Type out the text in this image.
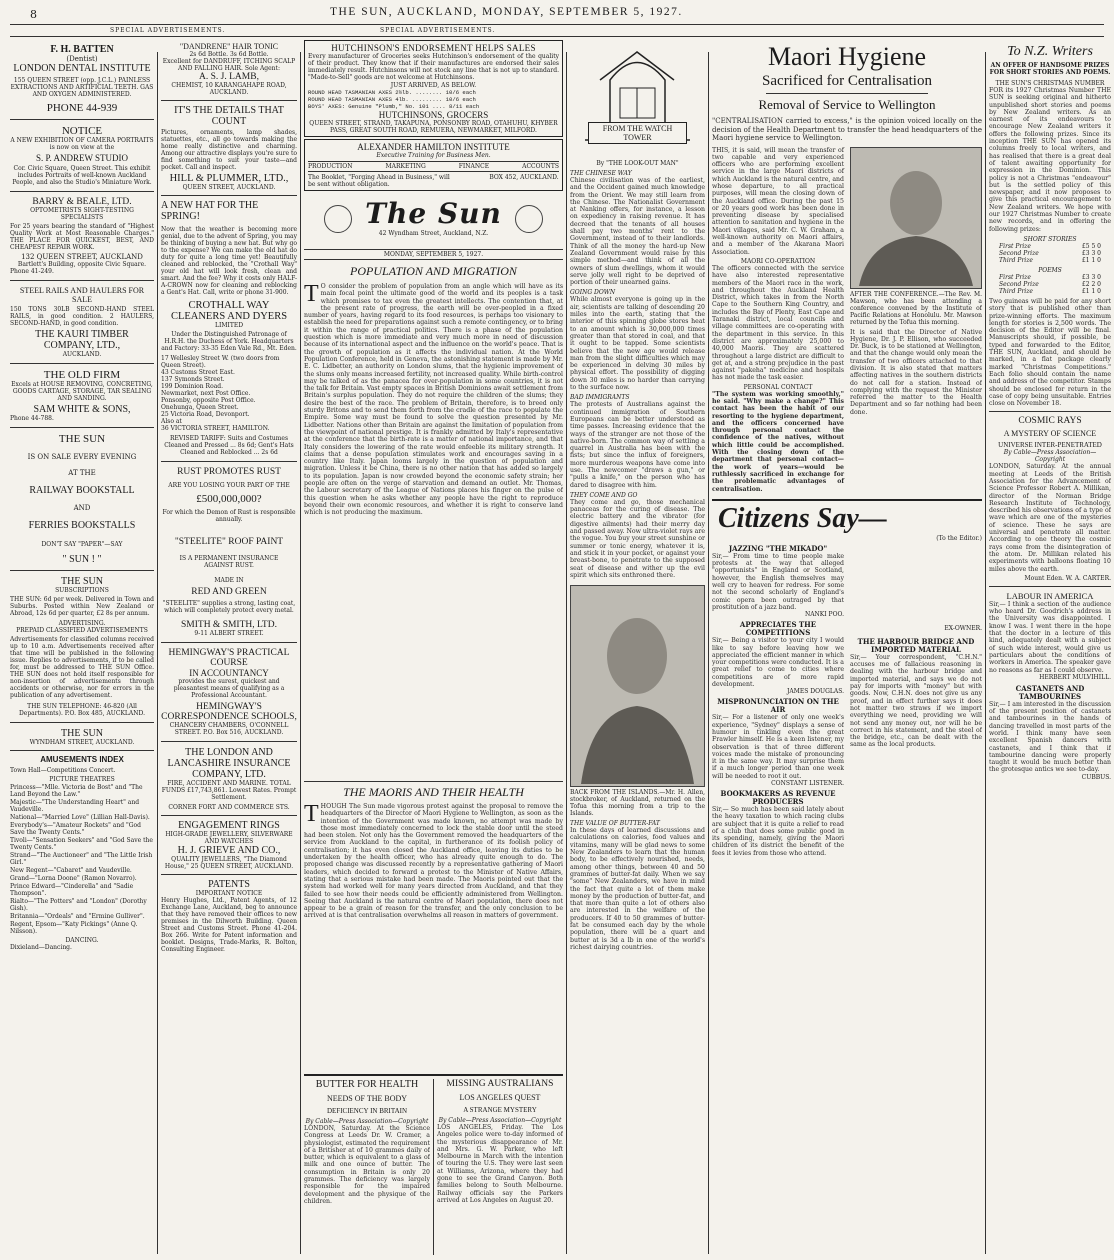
8	THE SUN, AUCKLAND, MONDAY, SEPTEMBER 5, 1927.
SPECIAL ADVERTISEMENTS.	SPECIAL ADVERTISEMENTS.
F. H. BATTEN
(Dentist)
LONDON DENTAL INSTITUTE
155 QUEEN STREET (opp. J.C.L.) PAINLESS EXTRACTIONS AND ARTIFICIAL TEETH. GAS AND OXYGEN ADMINISTERED.
PHONE 44-939
NOTICE
A NEW EXHIBITION OF CAMERA PORTRAITS is now on view at the
S. P. ANDREW STUDIO
Cor. Civic Square, Queen Street. This exhibit includes Portraits of well-known Auckland People, and also the Studio's Miniature Work.
BARRY & BEALE, LTD.
OPTOMETRISTS SIGHT-TESTING SPECIALISTS
For 25 years bearing the standard of "Highest Quality Work at Most Reasonable Charges." THE PLACE FOR QUICKEST, BEST, AND CHEAPEST REPAIR WORK.
132 QUEEN STREET, AUCKLAND
Bartlett's Building, opposite Civic Square.
Phone 41-249.
STEEL RAILS AND HAULERS FOR SALE
150 TONS 30LB SECOND-HAND STEEL RAILS, in good condition. 2 HAULERS, SECOND-HAND, in good condition.
THE KAURI TIMBER COMPANY, LTD.,
AUCKLAND.
THE OLD FIRM
Excels at HOUSE REMOVING, CONCRETING, GOODS CARTAGE, STORAGE, TAR SEALING AND SANDING.
SAM WHITE & SONS,
Phone 44-788.
THE SUN
IS ON SALE EVERY EVENING
AT THE
RAILWAY BOOKSTALL
AND
FERRIES BOOKSTALLS
DON'T SAY "PAPER"—SAY
" SUN ! "
THE SUN
SUBSCRIPTIONS
THE SUN: 6d per week. Delivered in Town and Suburbs. Posted within New Zealand or Abroad, 12s 6d per quarter, £2 8s per annum.
ADVERTISING.
PREPAID CLASSIFIED ADVERTISEMENTS
Advertisements for classified columns received up to 10 a.m. Advertisements received after that time will be published in the following issue. Replies to advertisements, if to be called for, must be addressed to THE SUN Office. THE SUN does not hold itself responsible for non-insertion of advertisements through accidents or otherwise, nor for errors in the publication of any advertisement.
THE SUN TELEPHONE: 46-820 (All Departments). P.O. Box 485, AUCKLAND.
THE SUN
WYNDHAM STREET, AUCKLAND.
AMUSEMENTS INDEX
Town Hall—Competitions Concert.
PICTURE THEATRES
Princess—"Mlle. Victoria de Bost" and "The Land Beyond the Law."
Majestic—"The Understanding Heart" and Vaudeville.
National—"Married Love" (Lillian Hall-Davis).
Everybody's—"Amateur Rockets" and "God Save the Twenty Cents."
Tivoli—"Sensation Seekers" and "God Save the Twenty Cents."
Strand—"The Auctioneer" and "The Little Irish Girl."
New Regent—"Cabaret" and Vaudeville.
Grand—"Lorna Doone" (Ramon Novarro).
Prince Edward—"Cinderella" and "Sadie Thompson".
Rialto—"The Potters" and "London" (Dorothy Gish).
Britannia—"Ordeals" and "Ermine Gulliver".
Regent, Epsom—"Katy Pickings" (Anne Q. Nilsson).
DANCING.
Dixieland—Dancing.
"DANDRENE" HAIR TONIC
2s 6d Bottle. 3s 6d Bottle.
Excellent for DANDRUFF, ITCHING SCALP AND FALLING HAIR. Sole Agent:
A. S. J. LAMB,
CHEMIST, 10 KARANGAHAPE ROAD, AUCKLAND.
IT'S THE DETAILS THAT COUNT
Pictures, ornaments, lamp shades, statuettes, etc., all go towards making the home really distinctive and charming. Among our attractive displays you're sure to find something to suit your taste—and pocket. Call and inspect.
HILL & PLUMMER, LTD.,
QUEEN STREET, AUCKLAND.
A NEW HAT FOR THE SPRING!
Now that the weather is becoming more genial, due to the advent of Spring, you may be thinking of buying a new hat. But why go to the expense? We can make the old hat do duty for quite a long time yet! Beautifully cleaned and reblocked, the "Crothall Way" your old hat will look fresh, clean and smart. And the fee? Why it costs only HALF-A-CROWN now for cleaning and reblocking a Gent's Hat. Call, write or phone 31-900.
CROTHALL WAY CLEANERS AND DYERS
LIMITED
Under the Distinguished Patronage of H.R.H. the Duchess of York. Headquarters and Factory: 33-35 Eden Vale Rd., Mt. Eden.
17 Wellesley Street W. (two doors from Queen Street).
43 Customs Street East.
137 Symonds Street.
199 Dominion Road.
Newmarket, next Post Office.
Ponsonby, opposite Post Office.
Onehunga, Queen Street.
25 Victoria Road, Devonport.
Also at
36 VICTORIA STREET, HAMILTON.
REVISED TARIFF: Suits and Costumes Cleaned and Pressed ... 8s 6d; Gent's Hats Cleaned and Reblocked ... 2s 6d
RUST PROMOTES RUST
ARE YOU LOSING YOUR PART OF THE
£500,000,000?
For which the Demon of Rust is responsible annually.
"STEELITE" ROOF PAINT
IS A PERMANENT INSURANCE
AGAINST RUST.
MADE IN
RED AND GREEN
"STEELITE" supplies a strong, lasting coat, which will completely protect every metal.
SMITH & SMITH, LTD.
9-11 ALBERT STREET.
HEMINGWAY'S PRACTICAL COURSE
IN ACCOUNTANCY
provides the surest, quickest and pleasantest means of qualifying as a Professional Accountant.
HEMINGWAY'S CORRESPONDENCE SCHOOLS,
CHANCERY CHAMBERS, O'CONNELL STREET. P.O. Box 516, AUCKLAND.
THE LONDON AND LANCASHIRE INSURANCE COMPANY, LTD.
FIRE, ACCIDENT AND MARINE. TOTAL FUNDS £17,743,861. Lowest Rates. Prompt Settlement.
CORNER FORT AND COMMERCE STS.
ENGAGEMENT RINGS
HIGH-GRADE JEWELLERY, SILVERWARE AND WATCHES
H. J. GRIEVE AND CO.,
QUALITY JEWELLERS, "The Diamond House," 25 QUEEN STREET, AUCKLAND.
PATENTS
IMPORTANT NOTICE
Henry Hughes, Ltd., Patent Agents, of 12 Exchange Lane, Auckland, beg to announce that they have removed their offices to new premises in the Dilworth Building. Queen Street and Customs Street. Phone 41-204. Box 266. Write for Patent information and booklet. Designs, Trade-Marks, R. Bolton, Consulting Engineer.
HUTCHINSON'S ENDORSEMENT HELPS SALES
Every manufacturer of Groceries seeks Hutchinson's endorsement of the quality of their product. They know that if their manufactures are endorsed their sales immediately result. Hutchinsons will not stock any line that is not up to standard. "Made-to-Sell" goods are not welcome at Hutchinsons.
JUST ARRIVED, AS BELOW.
ROUND HEAD TASMANIAN AXES 2½lb. ........ 10/6 each
ROUND HEAD TASMANIAN AXES 4lb. ......... 10/6 each
BOYS' AXES: Genuine "Plumb," No. 101 .... 8/11 each
HUTCHINSONS, GROCERS
QUEEN STREET, STRAND, TAKAPUNA, PONSONBY ROAD, OTAHUHU, KHYBER PASS, GREAT SOUTH ROAD, REMUERA, NEWMARKET, MILFORD.
ALEXANDER HAMILTON INSTITUTE
Executive Training for Business Men.
PRODUCTION	MARKETING	FINANCE	ACCOUNTS
The Booklet, "Forging Ahead in Business," will be sent without obligation.
BOX 452, AUCKLAND.
The Sun
42 Wyndham Street, Auckland, N.Z.
MONDAY, SEPTEMBER 5, 1927.
POPULATION AND MIGRATION
T O consider the problem of population from an angle which will have as its main focal point the ultimate good of the world and its peoples is a task which promises to tax even the greatest intellects. The contention that, at the present rate of progress, the earth will be over-peopled in a fixed number of years, having regard to its food resources, is perhaps too visionary to establish the need for preparations against such a remote contingency, or to bring it within the range of practical politics. There is a phase of the population question which is more immediate and very much more in need of discussion because of its international aspect and the influence on the world's peace. That is the growth of population as it affects the individual nation. At the World Population Conference, held in Geneva, the astonishing statement is made by Mr. E. C. Lidbetter, an authority on London slums, that the hygienic improvement of the slums only means increased fertility, not increased quality. While birth-control may be talked of as the panacea for over-population in some countries, it is not the talk for Britain. Vast empty spaces in British Dominions await settlement from Britain's surplus population. They do not require the children of the slums; they desire the best of the race. The problem of Britain, therefore, is to breed only sturdy Britons and to send them forth from the cradle of the race to populate the Empire. Some way must be found to solve the question presented by Mr. Lidbetter. Nations other than Britain are against the limitation of population from the viewpoint of national prestige. It is frankly admitted by Italy's representative at the conference that the birth-rate is a matter of national importance, and that Italy considers the lowering of the rate would enfeeble its military strength. It claims that a dense population stimulates work and encourages saving in a country like Italy. Japan looms largely in the question of population and migration. Unless it be China, there is no other nation that has added so largely to its population. Japan is now crowded beyond the economic safety strain; her people are often on the verge of starvation and demand an outlet. Mr. Thomas, the Labour secretary of the League of Nations places his finger on the pulse of this question when he asks whether any people have the right to reproduce beyond their own economic resources, and whether it is right to conserve land which is not producing the maximum.
THE MAORIS AND THEIR HEALTH
T HOUGH The Sun made vigorous protest against the proposal to remove the headquarters of the Director of Maori Hygiene to Wellington, as soon as the intention of the Government was made known, no attempt was made by those most immediately concerned to lock the stable door until the steed had been stolen. Not only has the Government removed the headquarters of the service from Auckland to the capital, in furtherance of its foolish policy of centralisation; it has even closed the Auckland office, leaving its duties to be undertaken by the health officer, who has already quite enough to do. The proposed change was discussed recently by a representative gathering of Maori leaders, which decided to forward a protest to the Minister of Native Affairs, stating that a serious mistake had been made. The Maoris pointed out that the system had worked well for many years directed from Auckland, and that they failed to see how their needs could be efficiently administered from Wellington. Seeing that Auckland is the natural centre of Maori population, there does not appear to be a grain of reason for the transfer, and the only conclusion to be arrived at is that centralisation overwhelms all reason in matters of government.
BUTTER FOR HEALTH
NEEDS OF THE BODY
DEFICIENCY IN BRITAIN
By Cable—Press Association—Copyright
LONDON, Saturday. At the Science Congress at Leeds Dr. W. Cramer, a physiologist, estimated the requirement of a Britisher at of 10 grammes daily of butter, which is equivalent to a glass of milk and one ounce of butter. The consumption in Britain is only 20 grammes. The deficiency was largely responsible for the impaired development and the physique of the children.
MISSING AUSTRALIANS
LOS ANGELES QUEST
A STRANGE MYSTERY
By Cable—Press Association—Copyright
LOS ANGELES, Friday. The Los Angeles police were to-day informed of the mysterious disappearance of Mr. and Mrs. G. W. Parker, who left Melbourne in March with the intention of touring the U.S. They were last seen at Williams, Arizona, where they had gone to see the Grand Canyon. Both families belong to South Melbourne. Railway officials say the Parkers arrived at Los Angeles on August 20.
FROM THE WATCH TOWER
By "THE LOOK-OUT MAN"
THE CHINESE WAY
Chinese civilisation was of the earliest, and the Occident gained much knowledge from the Orient. We may still learn from the Chinese. The Nationalist Government at Nanking offers, for instance, a lesson on expediency in raising revenue. It has decreed that the tenants of all houses shall pay two months' rent to the Government, instead of to their landlords. Think of all the money the hard-up New Zealand Government would raise by this simple method—and think of all the owners of slum dwellings, whom it would serve jolly well right to be deprived of portion of their unearned gains.
GOING DOWN
While almost everyone is going up in the air, scientists are talking of descending 20 miles into the earth, stating that the interior of this spinning globe stores heat to an amount which is 30,000,000 times greater than that stored in coal, and that it ought to be tapped. Some scientists believe that the new age would release man from the slight difficulties which may be experienced in delving 30 miles by physical effort. The possibility of digging down 30 miles is no harder than carrying to the surface now.
BAD IMMIGRANTS
The protests of Australians against the continued immigration of Southern Europeans can be better understood as time passes. Increasing evidence that the ways of the stranger are not those of the native-born. The common way of settling a quarrel in Australia has been with the fists; but since the influx of foreigners, more murderous weapons have come into use. The newcomer "draws a gun," or "pulls a knife," on the person who has dared to disagree with him.
THEY COME AND GO
They come and go, those mechanical panaceas for the curing of disease. The electric battery and the vibrator (for digestive ailments) had their merry day and passed away. Now ultra-violet rays are the vogue. You buy your street sunshine or summer or tonic energy, whatever it is, and stick it in your pocket, or against your breast-bone, to penetrate to the supposed seat of disease and wither up the evil spirit which sits enthroned there.
BACK FROM THE ISLANDS.—Mr. H. Allen, stockbroker, of Auckland, returned on the Tofua this morning from a trip to the Islands.
THE VALUE OF BUTTER-FAT
In these days of learned discussions and calculations on calories, food values and vitamins, many will be glad news to some New Zealanders to learn that the human body, to be effectively nourished, needs, among other things, between 40 and 50 grammes of butter-fat daily. When we say "some" New Zealanders, we have in mind the fact that quite a lot of them make money by the production of butter-fat, and that more than quite a lot of others also are interested in the welfare of the producers. If 40 to 50 grammes of butter-fat be consumed each day by the whole population, there will be a quart and butter at is 3d a lb in one of the world's richest dairying countries.
Maori Hygiene
Sacrificed for Centralisation
Removal of Service to Wellington
"CENTRALISATION carried to excess," is the opinion voiced locally on the decision of the Health Department to transfer the head headquarters of the Maori hygiene service to Wellington.
THIS, it is said, will mean the transfer of two capable and very experienced officers who are performing excellent service in the large Maori districts of which Auckland is the natural centre, and whose departure, to all practical purposes, will mean the closing down of the Auckland office. During the past 15 or 20 years good work has been done in preventing disease by specialised attention to sanitation and hygiene in the Maori villages, said Mr. C. W. Graham, a well-known authority on Maori affairs, and a member of the Akarana Maori Association.
MAORI CO-OPERATION
The officers connected with the service have also interested representative members of the Maori race in the work, and throughout the Auckland Health District, which takes in from the North Cape to the Southern King Country, and includes the Bay of Plenty, East Cape and Taranaki district, local councils and village committees are co-operating with the department in this service. In this district are approximately 25,000 to 40,000 Maoris. They are scattered throughout a large district are difficult to get at, and a strong prejudice in the past against "pakeha" medicine and hospitals has not made the task easier.
PERSONAL CONTACT
"The system was working smoothly," he said. "Why make a change?" This contact has been the habit of our resorting to the hygiene department, and the officers concerned have through personal contact the confidence of the natives, without which little could be accomplished. With the closing down of the department that personal contact—the work of years—would be ruthlessly sacrificed in exchange for the problematic advantages of centralisation.
AFTER THE CONFERENCE.—The Rev. M. Mawson, who has been attending a conference convened by the Institute of Pacific Relations at Honolulu. Mr. Mawson returned by the Tofua this morning.
It is said that the Director of Native Hygiene, Dr. J. P. Ellison, who succeeded Dr. Buck, is to be stationed at Wellington, and that the change would only mean the transfer of two officers attached to that division. It is also stated that matters affecting natives in the southern districts do not call for a station. Instead of complying with the request the Minister referred the matter to the Health Department and so far nothing had been done.
Citizens Say—
(To the Editor.)
JAZZING "THE MIKADO"
Sir,— From time to time people make protests at the way that alleged "opportunists" in England or Scotland, however, the English themselves may well cry to heaven for redress. For some not the second scholarly of England's comic opera been outraged by that prostitution of a jazz band.
NANKI POO.
APPRECIATES THE COMPETITIONS
Sir,— Being a visitor to your city I would like to say before leaving how we appreciated the efficient manner in which your competitions were conducted. It is a great relief to come to cities where competitions are of more rapid development.
JAMES DOUGLAS.
MISPRONUNCIATION ON THE AIR
Sir,— For a listener of only one week's experience, "Sydney" displays a sense of humour in tinkling even the great Frawler himself. He is a keen listener, my observation is that of three different voices made the mistake of pronouncing it in the same way. It may surprise them if a much longer period than one week will be needed to root it out.
CONSTANT LISTENER.
BOOKMAKERS AS REVENUE PRODUCERS
Sir,— So much has been said lately about the heavy taxation to which racing clubs are subject that it is quite a relief to read of a club that does some public good in its spending, namely, giving the Maori children of its district the benefit of the fees it levies from those who attend.
EX-OWNER.
THE HARBOUR BRIDGE AND IMPORTED MATERIAL
Sir,— Your correspondent, "C.H.N." accuses me of fallacious reasoning in dealing with the harbour bridge and imported material, and says we do not pay for imports with "money" but with goods. Now, C.H.N. does not give us any proof, and in effect further says it does not matter two straws if we import everything we need, providing we will not send any money out, nor will he be correct in his statement, and the steel of the bridge, etc., can be dealt with the same as the local products.
To N.Z. Writers
AN OFFER OF HANDSOME PRIZES FOR SHORT STORIES AND POEMS.
THE SUN'S CHRISTMAS NUMBER
FOR its 1927 Christmas Number THE SUN is seeking original and hitherto unpublished short stories and poems by New Zealand writers. As an earnest of its endeavours to encourage New Zealand writers it offers the following prizes. Since its inception THE SUN has opened its columns freely to local writers, and has realised that there is a great deal of talent awaiting opportunity for expression in the Dominion. This policy is not a Christmas "endeavour" but is the settled policy of this newspaper, and it now proposes to give this practical encouragement to New Zealand writers. We hope with our 1927 Christmas Number to create new records, and in offering the following prizes:
SHORT STORIES
First Prize	£5 5 0
Second Prize	£3 3 0
Third Prize	£1 1 0
POEMS
First Prize	£3 3 0
Second Prize	£2 2 0
Third Prize	£1 1 0
Two guineas will be paid for any short story that is published other than prize-winning efforts. The maximum length for stories is 2,500 words. The decision of the Editor will be final. Manuscripts should, if possible, be typed and forwarded to the Editor, THE SUN, Auckland, and should be marked, in a flat package clearly marked "Christmas Competitions." Each folio should contain the name and address of the competitor. Stamps should be enclosed for return in the case of copy being unsuitable. Entries close on November 18.
COSMIC RAYS
A MYSTERY OF SCIENCE
UNIVERSE INTER-PENETRATED
By Cable—Press Association—Copyright
LONDON, Saturday. At the annual meeting at Leeds of the British Association for the Advancement of Science Professor Robert A. Millikan, director of the Norman Bridge Research Institute of Technology, described his observations of a type of wave which are one of the mysteries of science. These he says are universal and penetrate all matter. According to one theory the cosmic rays come from the disintegration of the atom. Dr. Millikan related his experiments with balloons floating 10 miles above the earth.
Mount Eden. W. A. CARTER.
LABOUR IN AMERICA
Sir,— I think a section of the audience who heard Dr. Goodrich's address in the University was disappointed. I know I was. I went there in the hope that the doctor in a lecture of this kind, adequately dealt with a subject of such wide interest, would give us particulars about the conditions of workers in America. The speaker gave no reasons as far as I could observe.
HERBERT MULVIHILL.
CASTANETS AND TAMBOURINES
Sir,— I am interested in the discussion of the present position of castanets and tambourines in the hands of dancing travelled in most parts of the world. I think many have seen excellent Spanish dancers with castanets, and I think that if tambourine dancing were properly taught it would be much better than the grotesque antics we see to-day.
CUBBUS.
